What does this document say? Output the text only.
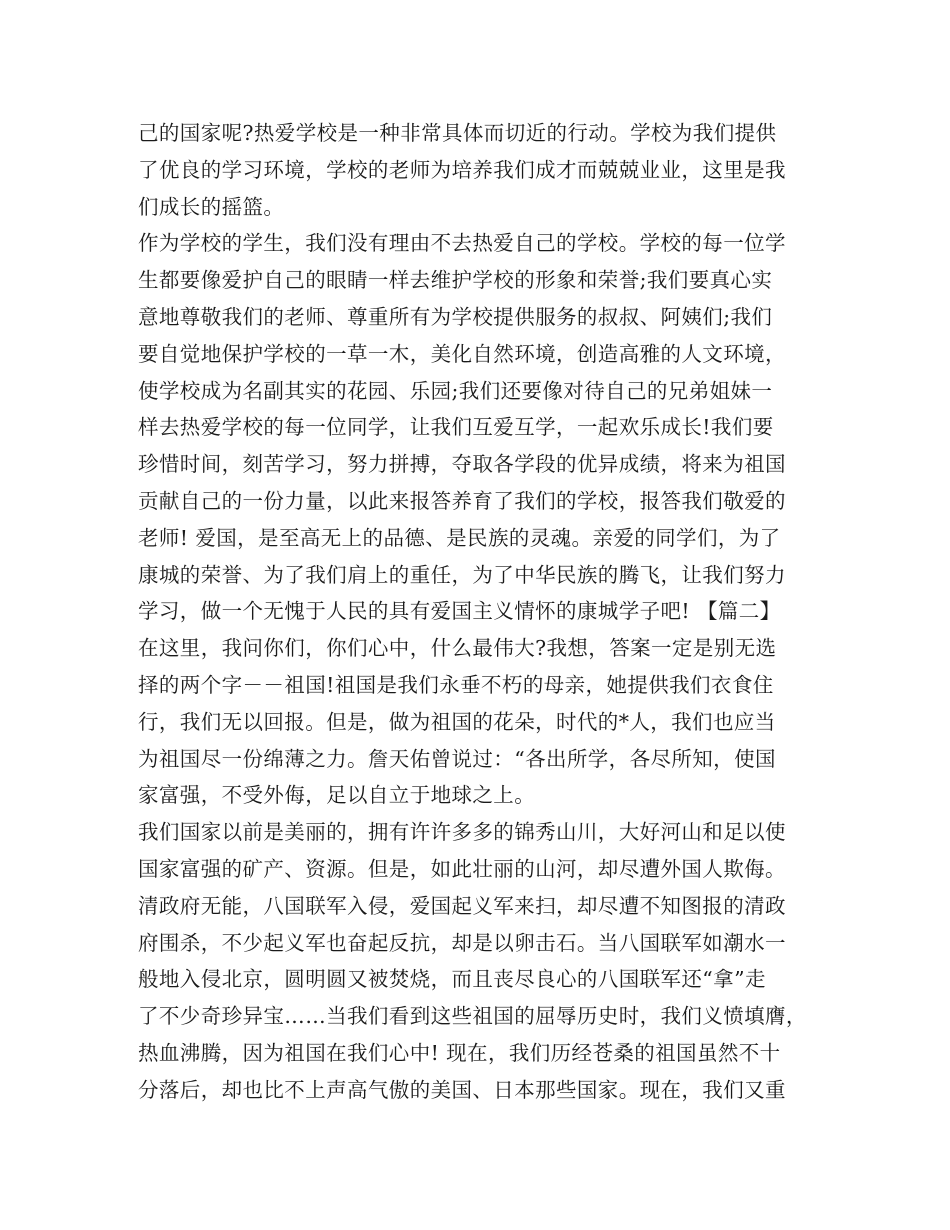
己的国家呢?热爱学校是一种非常具体而切近的行动。学校为我们提供
了优良的学习环境，学校的老师为培养我们成才而兢兢业业，这里是我
们成长的摇篮。
作为学校的学生，我们没有理由不去热爱自己的学校。学校的每一位学
生都要像爱护自己的眼睛一样去维护学校的形象和荣誉;我们要真心实
意地尊敬我们的老师、尊重所有为学校提供服务的叔叔、阿姨们;我们
要自觉地保护学校的一草一木，美化自然环境，创造高雅的人文环境，
使学校成为名副其实的花园、乐园;我们还要像对待自己的兄弟姐妹一
样去热爱学校的每一位同学，让我们互爱互学，一起欢乐成长!我们要
珍惜时间，刻苦学习，努力拼搏，夺取各学段的优异成绩，将来为祖国
贡献自己的一份力量，以此来报答养育了我们的学校，报答我们敬爱的
老师! 爱国，是至高无上的品德、是民族的灵魂。亲爱的同学们，为了
康城的荣誉、为了我们肩上的重任，为了中华民族的腾飞，让我们努力
学习，做一个无愧于人民的具有爱国主义情怀的康城学子吧! 【篇二】
在这里，我问你们，你们心中，什么最伟大?我想，答案一定是别无选
择的两个字－－祖国!祖国是我们永垂不朽的母亲，她提供我们衣食住
行，我们无以回报。但是，做为祖国的花朵，时代的*人，我们也应当
为祖国尽一份绵薄之力。詹天佑曾说过：“各出所学，各尽所知，使国
家富强，不受外侮，足以自立于地球之上。
我们国家以前是美丽的，拥有许许多多的锦秀山川，大好河山和足以使
国家富强的矿产、资源。但是，如此壮丽的山河，却尽遭外国人欺侮。
清政府无能，八国联军入侵，爱国起义军来扫，却尽遭不知图报的清政
府围杀，不少起义军也奋起反抗，却是以卵击石。当八国联军如潮水一
般地入侵北京，圆明圆又被焚烧，而且丧尽良心的八国联军还“拿”走
了不少奇珍异宝……当我们看到这些祖国的屈辱历史时，我们义愤填膺，
热血沸腾，因为祖国在我们心中! 现在，我们历经苍桑的祖国虽然不十
分落后，却也比不上声高气傲的美国、日本那些国家。现在，我们又重
